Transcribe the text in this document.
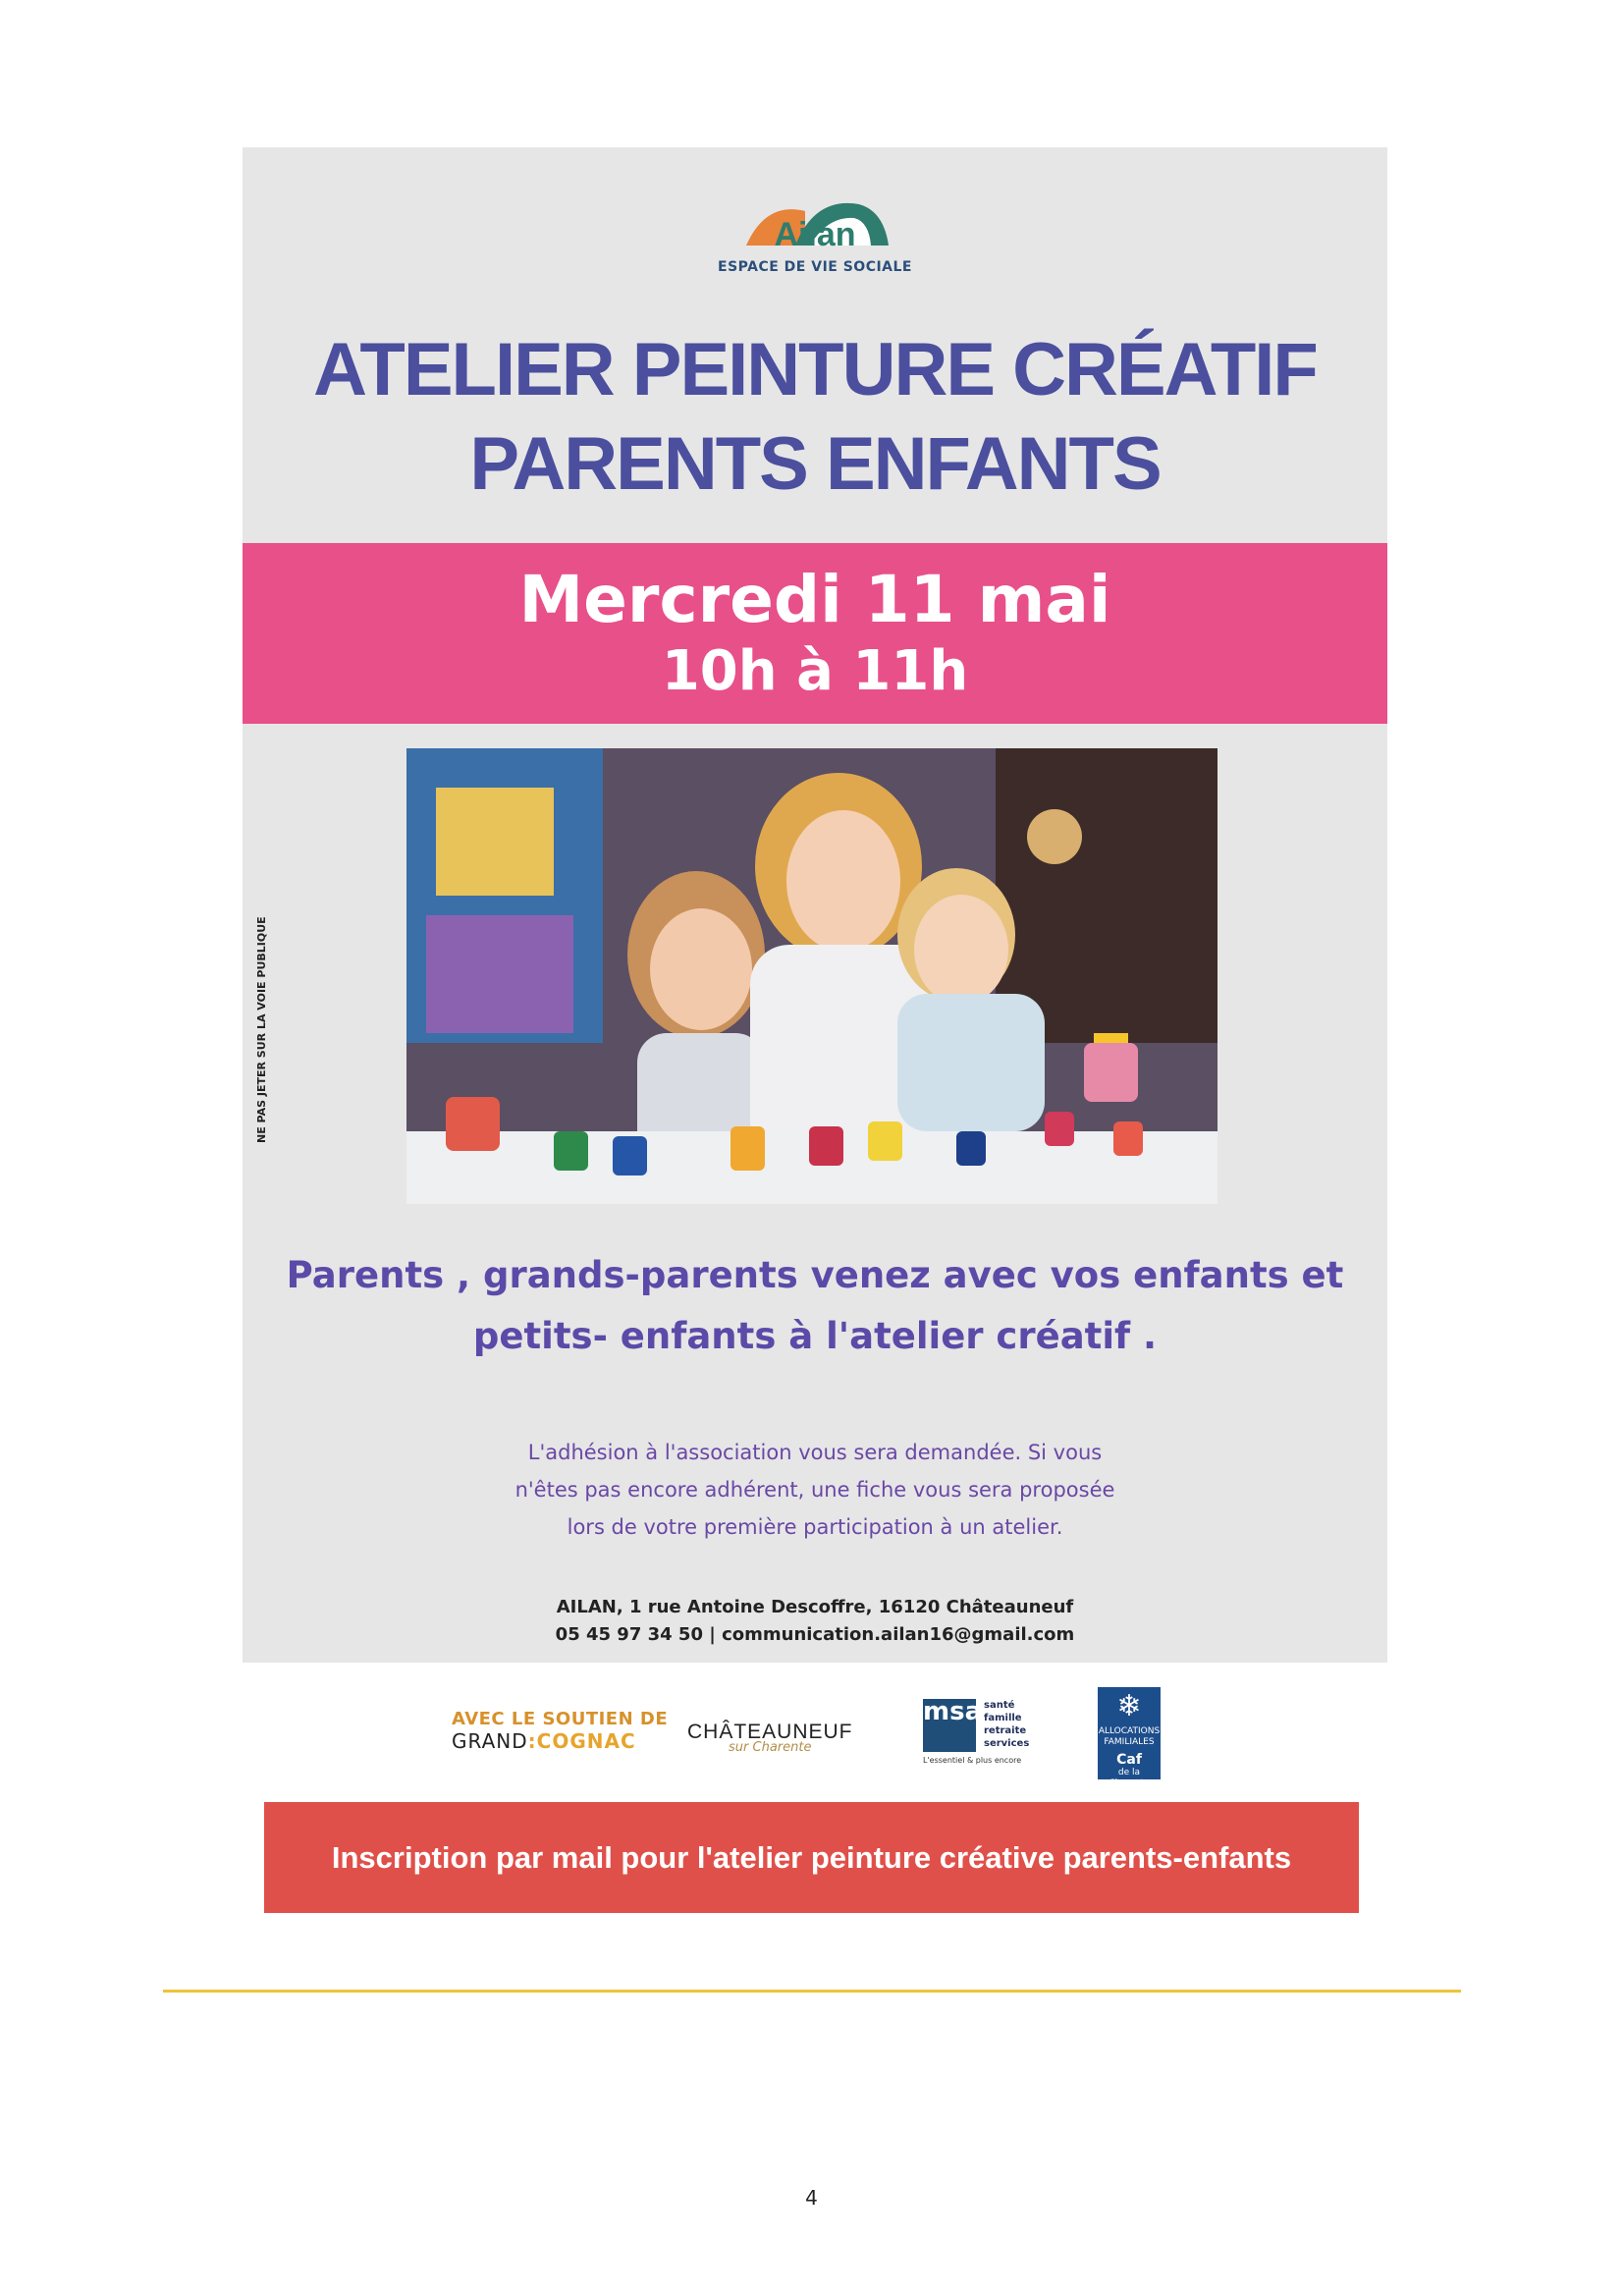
Ailan
ESPACE DE VIE SOCIALE
ATELIER PEINTURE CRÉATIF
PARENTS ENFANTS
Mercredi 11 mai
10h à 11h
NE PAS JETER SUR LA VOIE PUBLIQUE
Parents , grands-parents venez avec vos enfants et
petits- enfants à l'atelier créatif .
L'adhésion à l'association vous sera demandée. Si vous
n'êtes pas encore adhérent, une fiche vous sera proposée
lors de votre première participation à un atelier.
AILAN, 1 rue Antoine Descoffre, 16120 Châteauneuf
05 45 97 34 50 | communication.ailan16@gmail.com
AVEC LE SOUTIEN DE
GRAND:COGNAC	CHÂTEAUNEUF
sur Charente
msa santé
famille
retraite
services
L'essentiel & plus encore
❄
ALLOCATIONS FAMILIALES
Caf
de la Charente
Inscription par mail pour l'atelier peinture créative parents-enfants
4
